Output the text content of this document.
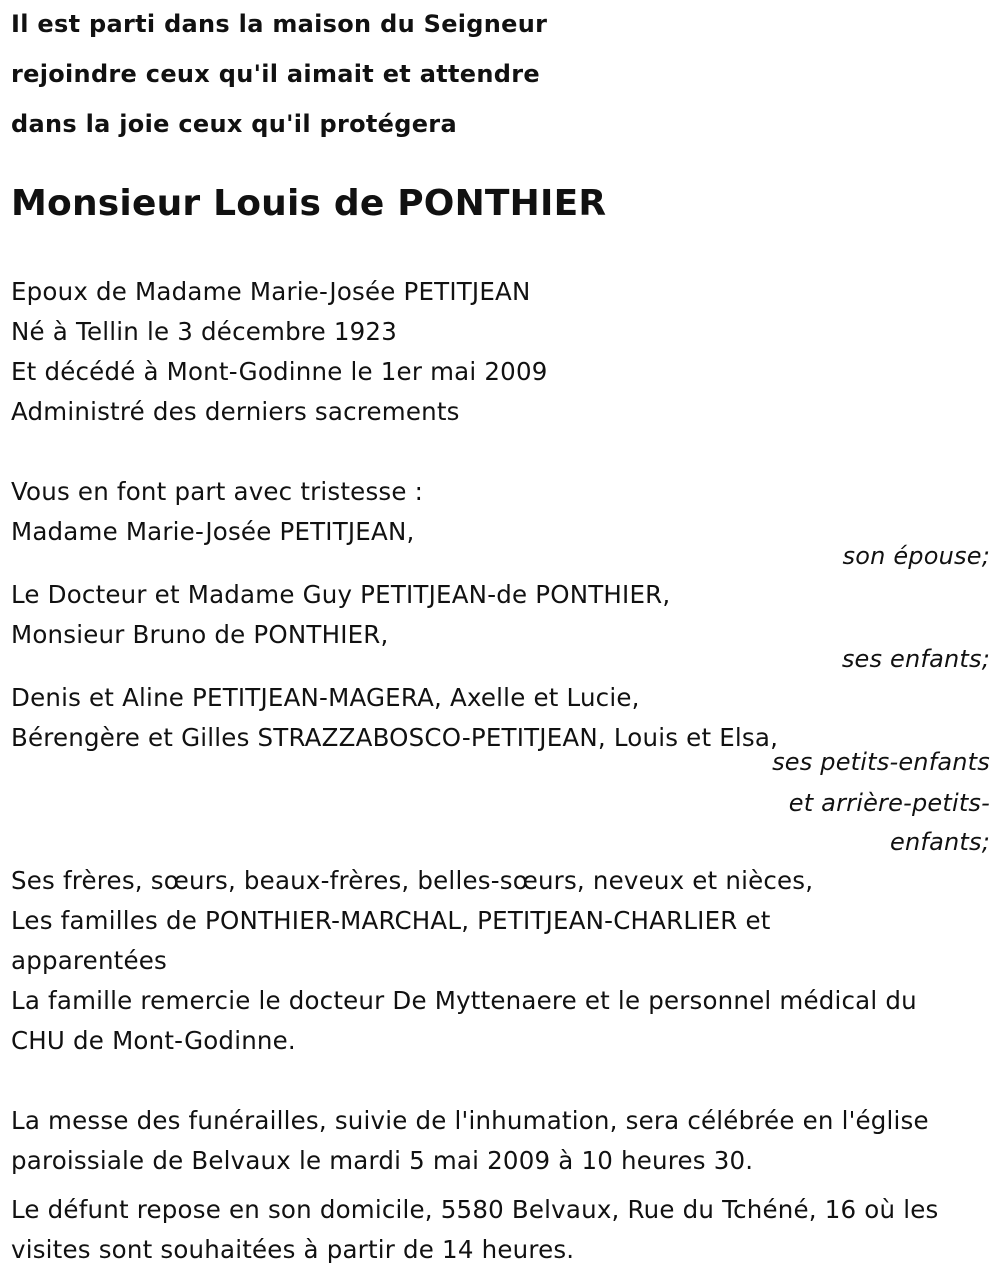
Il est parti dans la maison du Seigneur
rejoindre ceux qu'il aimait et attendre
dans la joie ceux qu'il protégera
Monsieur Louis de PONTHIER
Epoux de Madame Marie-Josée PETITJEAN
Né à Tellin le 3 décembre 1923
Et décédé à Mont-Godinne le 1er mai 2009
Administré des derniers sacrements
Vous en font part avec tristesse :
Madame Marie-Josée PETITJEAN,
son épouse;
Le Docteur et Madame Guy PETITJEAN-de PONTHIER,
Monsieur Bruno de PONTHIER,
ses enfants;
Denis et Aline PETITJEAN-MAGERA, Axelle et Lucie,
Bérengère et Gilles STRAZZABOSCO-PETITJEAN, Louis et Elsa,
ses petits-enfants
et arrière-petits-
enfants;
Ses frères, sœurs, beaux-frères, belles-sœurs, neveux et nièces,
Les familles de PONTHIER-MARCHAL, PETITJEAN-CHARLIER et
apparentées
La famille remercie le docteur De Myttenaere et le personnel médical du
CHU de Mont-Godinne.
La messe des funérailles, suivie de l'inhumation, sera célébrée en l'église
paroissiale de Belvaux le mardi 5 mai 2009 à 10 heures 30.
Le défunt repose en son domicile, 5580 Belvaux, Rue du Tchéné, 16 où les
visites sont souhaitées à partir de 14 heures.
